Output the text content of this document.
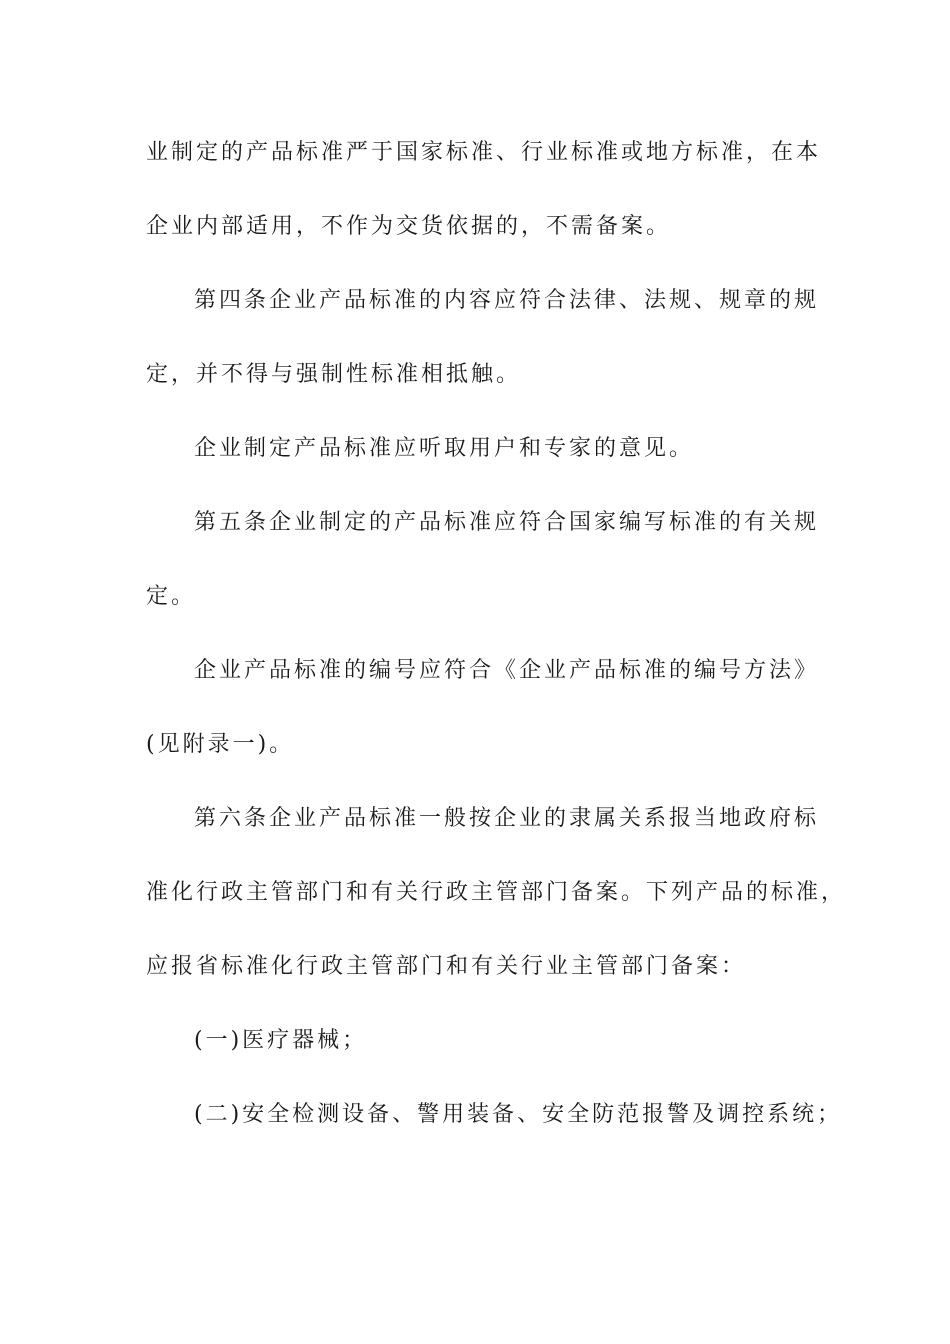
业制定的产品标准严于国家标准、行业标准或地方标准，在本
企业内部适用，不作为交货依据的，不需备案。
第四条企业产品标准的内容应符合法律、法规、规章的规
定，并不得与强制性标准相抵触。
企业制定产品标准应听取用户和专家的意见。
第五条企业制定的产品标准应符合国家编写标准的有关规
定。
企业产品标准的编号应符合《企业产品标准的编号方法》
(见附录一)。
第六条企业产品标准一般按企业的隶属关系报当地政府标
准化行政主管部门和有关行政主管部门备案。下列产品的标准，
应报省标准化行政主管部门和有关行业主管部门备案：
(一)医疗器械；
(二)安全检测设备、警用装备、安全防范报警及调控系统；
